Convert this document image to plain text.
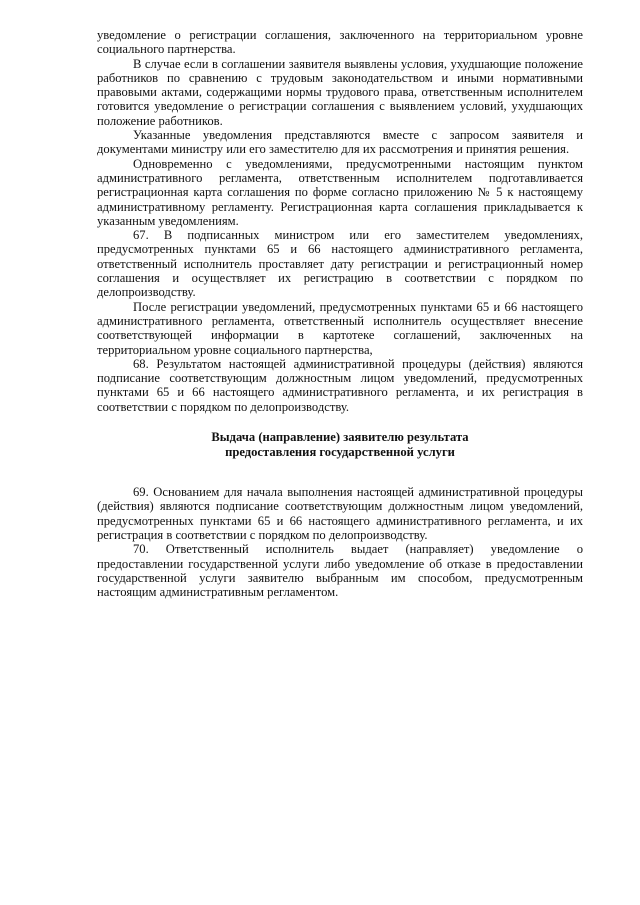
уведомление о регистрации соглашения, заключенного на территориальном уровне социального партнерства.

В случае если в соглашении заявителя выявлены условия, ухудшающие положение работников по сравнению с трудовым законодательством и иными нормативными правовыми актами, содержащими нормы трудового права, ответственным исполнителем готовится уведомление о регистрации соглашения с выявлением условий, ухудшающих положение работников.

Указанные уведомления представляются вместе с запросом заявителя и документами министру или его заместителю для их рассмотрения и принятия решения.

Одновременно с уведомлениями, предусмотренными настоящим пунктом административного регламента, ответственным исполнителем подготавливается регистрационная карта соглашения по форме согласно приложению № 5 к настоящему административному регламенту. Регистрационная карта соглашения прикладывается к указанным уведомлениям.

67. В подписанных министром или его заместителем уведомлениях, предусмотренных пунктами 65 и 66 настоящего административного регламента, ответственный исполнитель проставляет дату регистрации и регистрационный номер соглашения и осуществляет их регистрацию в соответствии с порядком по делопроизводству.

После регистрации уведомлений, предусмотренных пунктами 65 и 66 настоящего административного регламента, ответственный исполнитель осуществляет внесение соответствующей информации в картотеке соглашений, заключенных на территориальном уровне социального партнерства,

68. Результатом настоящей административной процедуры (действия) являются подписание соответствующим должностным лицом уведомлений, предусмотренных пунктами 65 и 66 настоящего административного регламента, и их регистрация в соответствии с порядком по делопроизводству.

Выдача (направление) заявителю результата
предоставления государственной услуги

69. Основанием для начала выполнения настоящей административной процедуры (действия) являются подписание соответствующим должностным лицом уведомлений, предусмотренных пунктами 65 и 66 настоящего административного регламента, и их регистрация в соответствии с порядком по делопроизводству.

70. Ответственный исполнитель выдает (направляет) уведомление о предоставлении государственной услуги либо уведомление об отказе в предоставлении государственной услуги заявителю выбранным им способом, предусмотренным настоящим административным регламентом.
